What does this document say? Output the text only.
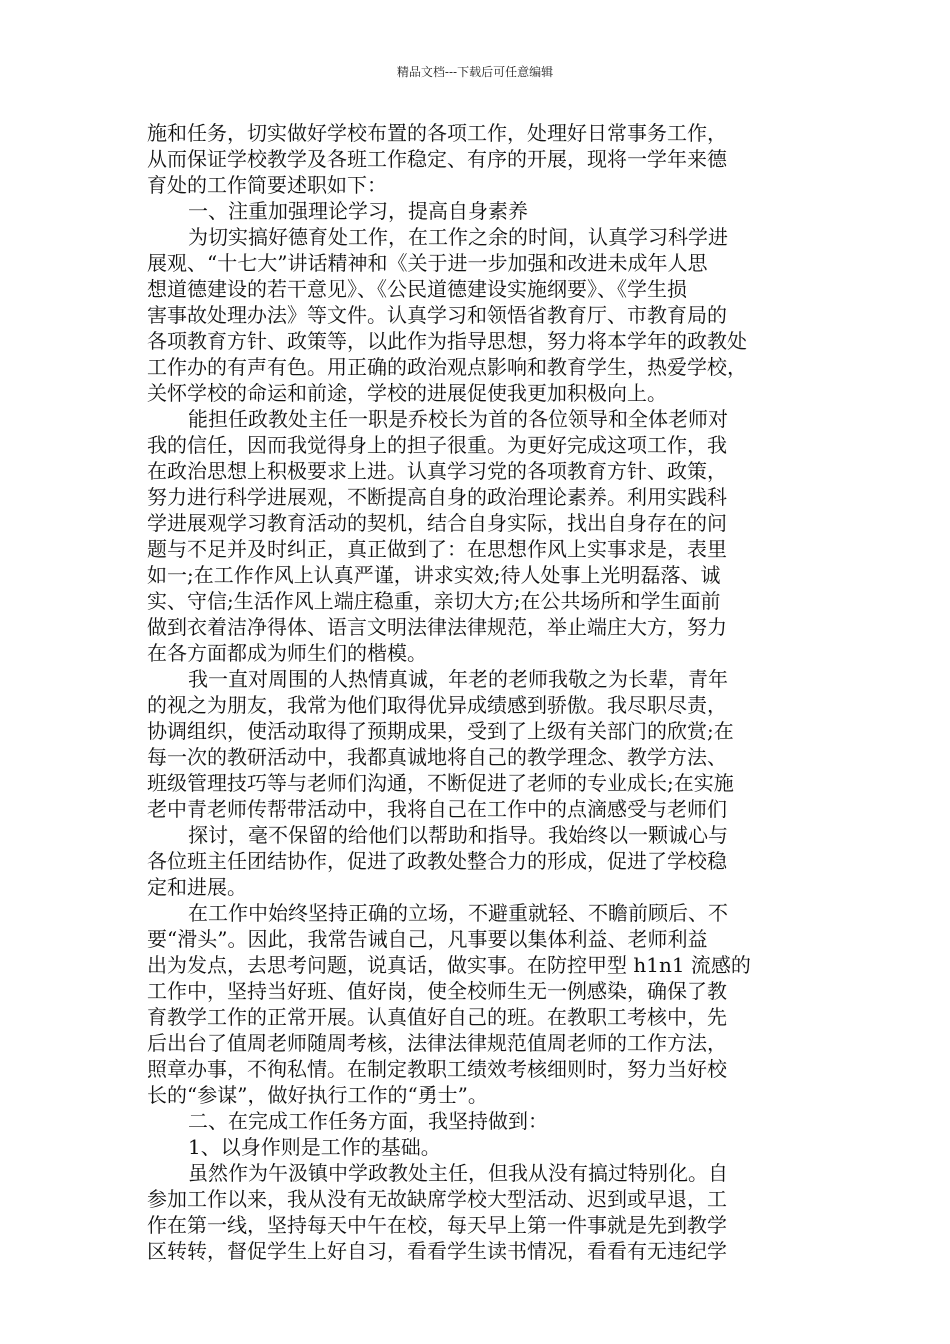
精品文档---下载后可任意编辑
施和任务，切实做好学校布置的各项工作，处理好日常事务工作，
从而保证学校教学及各班工作稳定、有序的开展，现将一学年来德
育处的工作简要述职如下：
一、注重加强理论学习，提高自身素养
为切实搞好德育处工作，在工作之余的时间，认真学习科学进
展观、“十七大”讲话精神和《关于进一步加强和改进未成年人思
想道德建设的若干意见》、《公民道德建设实施纲要》、《学生损
害事故处理办法》等文件。认真学习和领悟省教育厅、市教育局的
各项教育方针、政策等，以此作为指导思想，努力将本学年的政教处
工作办的有声有色。用正确的政治观点影响和教育学生，热爱学校，
关怀学校的命运和前途，学校的进展促使我更加积极向上。
能担任政教处主任一职是乔校长为首的各位领导和全体老师对
我的信任，因而我觉得身上的担子很重。为更好完成这项工作，我
在政治思想上积极要求上进。认真学习党的各项教育方针、政策，
努力进行科学进展观，不断提高自身的政治理论素养。利用实践科
学进展观学习教育活动的契机，结合自身实际，找出自身存在的问
题与不足并及时纠正，真正做到了：在思想作风上实事求是，表里
如一;在工作作风上认真严谨，讲求实效;待人处事上光明磊落、诚
实、守信;生活作风上端庄稳重，亲切大方;在公共场所和学生面前
做到衣着洁净得体、语言文明法律法律规范，举止端庄大方，努力
在各方面都成为师生们的楷模。
我一直对周围的人热情真诚，年老的老师我敬之为长辈，青年
的视之为朋友，我常为他们取得优异成绩感到骄傲。我尽职尽责，
协调组织，使活动取得了预期成果，受到了上级有关部门的欣赏;在
每一次的教研活动中，我都真诚地将自己的教学理念、教学方法、
班级管理技巧等与老师们沟通，不断促进了老师的专业成长;在实施
老中青老师传帮带活动中，我将自己在工作中的点滴感受与老师们
探讨，毫不保留的给他们以帮助和指导。我始终以一颗诚心与
各位班主任团结协作，促进了政教处整合力的形成，促进了学校稳
定和进展。
在工作中始终坚持正确的立场，不避重就轻、不瞻前顾后、不
要“滑头”。因此，我常告诫自己，凡事要以集体利益、老师利益
出为发点，去思考问题，说真话，做实事。在防控甲型 h1n1 流感的
工作中，坚持当好班、值好岗，使全校师生无一例感染，确保了教
育教学工作的正常开展。认真值好自己的班。在教职工考核中，先
后出台了值周老师随周考核，法律法律规范值周老师的工作方法，
照章办事，不徇私情。在制定教职工绩效考核细则时，努力当好校
长的“参谋”，做好执行工作的“勇士”。
二、在完成工作任务方面，我坚持做到：
1、以身作则是工作的基础。
虽然作为午汲镇中学政教处主任，但我从没有搞过特别化。自
参加工作以来，我从没有无故缺席学校大型活动、迟到或早退，工
作在第一线，坚持每天中午在校，每天早上第一件事就是先到教学
区转转，督促学生上好自习，看看学生读书情况，看看有无违纪学
